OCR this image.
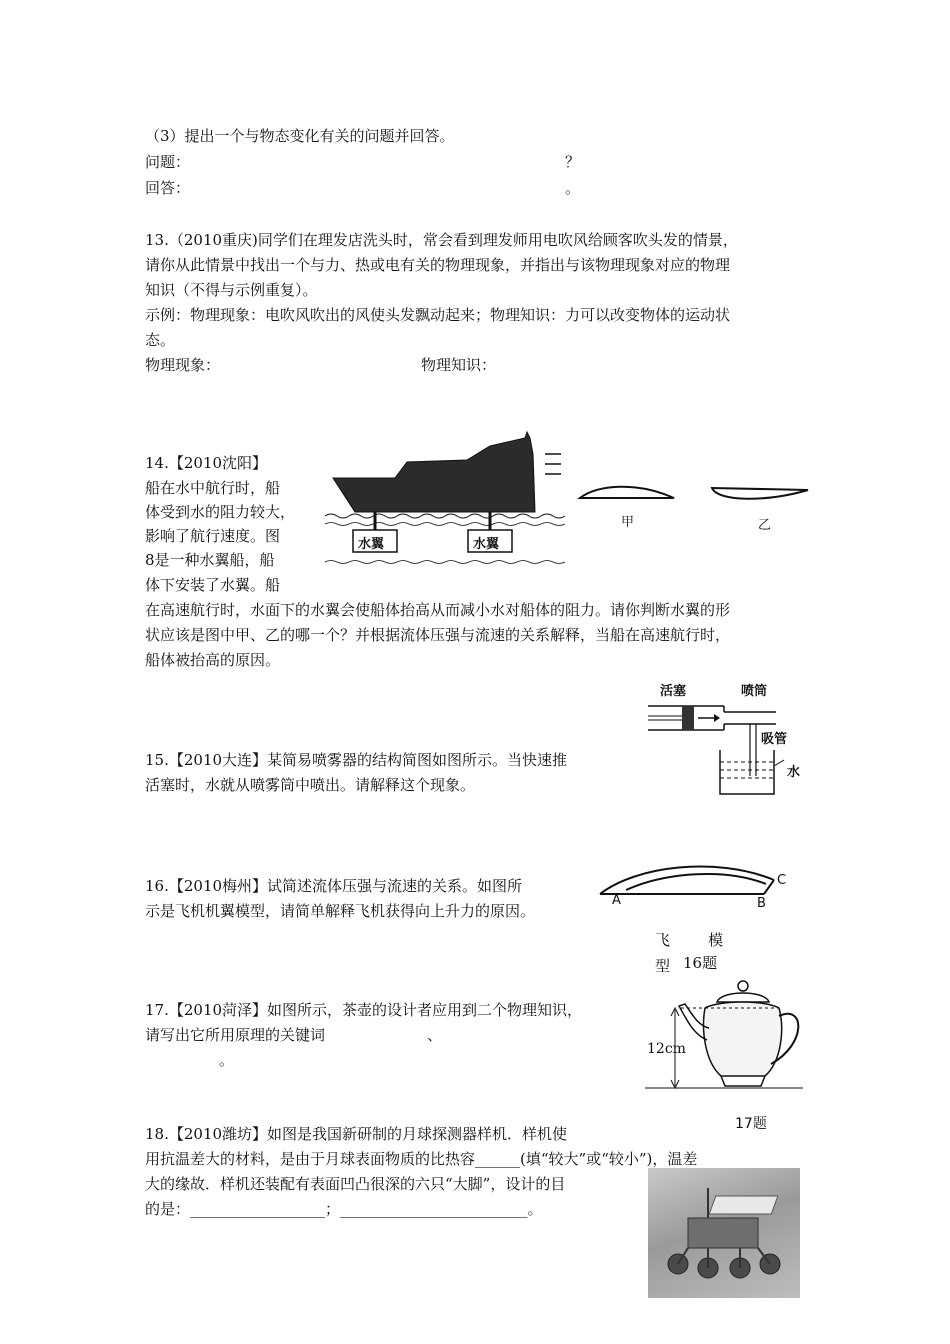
（3）提出一个与物态变化有关的问题并回答。
问题：	？
回答：	。
13.（2010重庆)同学们在理发店洗头时，常会看到理发师用电吹风给顾客吹头发的情景，
请你从此情景中找出一个与力、热或电有关的物理现象，并指出与该物理现象对应的物理
知识（不得与示例重复）。
示例：物理现象：电吹风吹出的风使头发飘动起来；物理知识：力可以改变物体的运动状
态。
物理现象：	物理知识：
14.【2010沈阳】
船在水中航行时，船
体受到水的阻力较大，
影响了航行速度。图
8是一种水翼船，船
体下安装了水翼。船
在高速航行时，水面下的水翼会使船体抬高从而减小水对船体的阻力。请你判断水翼的形
状应该是图中甲、乙的哪一个？并根据流体压强与流速的关系解释，当船在高速航行时，
船体被抬高的原因。
水翼	水翼
甲	乙
15.【2010大连】某简易喷雾器的结构简图如图所示。当快速推
活塞时，水就从喷雾筒中喷出。请解释这个现象。
活塞	喷筒
吸管
水
16.【2010梅州】试简述流体压强与流速的关系。如图所
示是飞机机翼模型，请简单解释飞机获得向上升力的原因。
A	B
C
飞        模
型 16题
17.【2010菏泽】如图所示，茶壶的设计者应用到二个物理知识，
请写出它所用原理的关键词	、
。
12cm
17题
18.【2010潍坊】如图是我国新研制的月球探测器样机．样机使
用抗温差大的材料，是由于月球表面物质的比热容______(填“较大”或“较小”)，温差
大的缘故．样机还装配有表面凹凸很深的六只“大脚”，设计的目
的是：__________________；_________________________。
